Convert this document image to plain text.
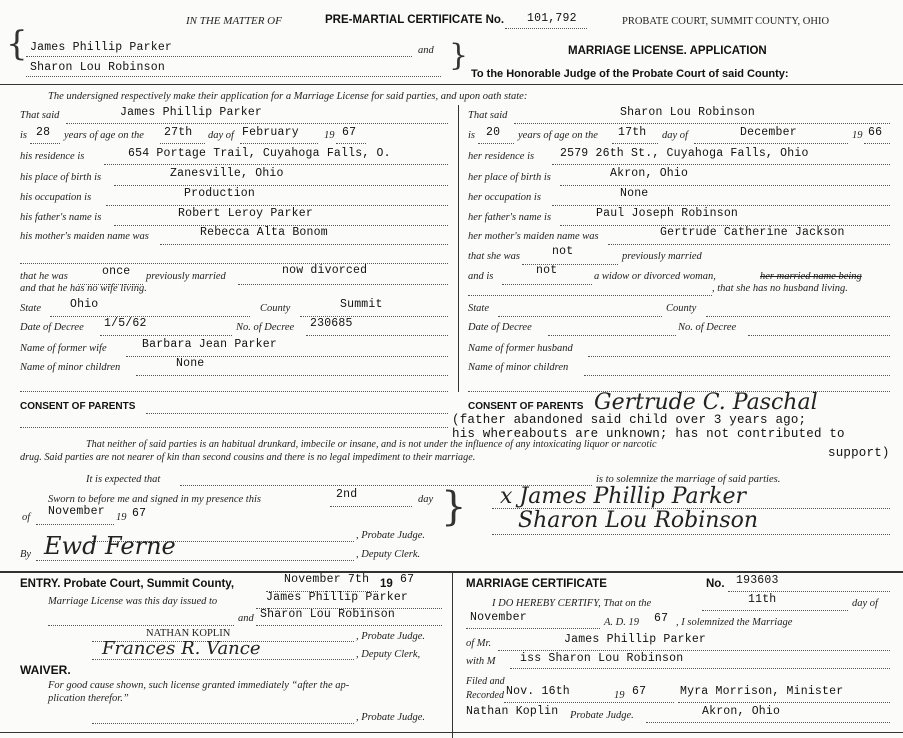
{
IN THE MATTER OF	PRE-MARTIAL CERTIFICATE No. 101,792	PROBATE COURT, SUMMIT COUNTY, OHIO
James Phillip Parker	and
Sharon Lou Robinson	}	MARRIAGE LICENSE. APPLICATION
To the Honorable Judge of the Probate Court of said County:
The undersigned respectively make their application for a Marriage License for said parties, and upon oath state:
That said	James Phillip Parker
is 28 years of age on the 27th day of February 19 67
his residence is	654 Portage Trail, Cuyahoga Falls, O.
his place of birth is	Zanesville, Ohio
his occupation is	Production
his father's name is	Robert Leroy Parker
his mother's maiden name was	Rebecca Alta Bonom
that he was	once previously married	now divorced
and that he has no wife living.
State	Ohio	County	Summit
Date of Decree 1/5/62	No. of Decree 230685
Name of former wife	Barbara Jean Parker
Name of minor children	None
CONSENT OF PARENTS
That said	Sharon Lou Robinson
is 20 years of age on the 17th day of	December	19 66
her residence is 2579 26th St., Cuyahoga Falls, Ohio
her place of birth is	Akron, Ohio
her occupation is	None
her father's name is	Paul Joseph Robinson
her mother's maiden name was	Gertrude Catherine Jackson
that she was	not	previously married
and is	not	a widow or divorced woman,	her married name being
, that she has no husband living.
State	County
Date of Decree	No. of Decree
Name of former husband
Name of minor children
CONSENT OF PARENTS Gertrude C. Paschal
(father abandoned said child over 3 years ago;
his whereabouts are unknown; has not contributed to
support)
That neither of said parties is an habitual drunkard, imbecile or insane, and is not under the influence of any intoxicating liquor or narcotic
drug. Said parties are not nearer of kin than second cousins and there is no legal impediment to their marriage.
It is expected that	is to solemnize the marriage of said parties.
Sworn to before me and signed in my presence this	2nd	day
of November 19 67
, Probate Judge.
By Ewd Ferne	, Deputy Clerk.
} x James Phillip Parker
Sharon Lou Robinson
ENTRY. Probate Court, Summit County,	November 7th 19 67
Marriage License was this day issued to	James Phillip Parker
and Sharon Lou Robinson
NATHAN KOPLIN	, Probate Judge.
Frances R. Vance	, Deputy Clerk,
WAIVER.
For good cause shown, such license granted immediately “after the ap-
plication therefor.”
, Probate Judge.
MARRIAGE CERTIFICATE	No. 193603
I DO HEREBY CERTIFY, That on the	11th	day of
November	A. D. 19 67 , I solemnized the Marriage
of Mr.	James Phillip Parker
with M iss Sharon Lou Robinson
Filed and
Recorded Nov. 16th	19 67	Myra Morrison, Minister
Nathan Koplin Probate Judge.	Akron, Ohio
